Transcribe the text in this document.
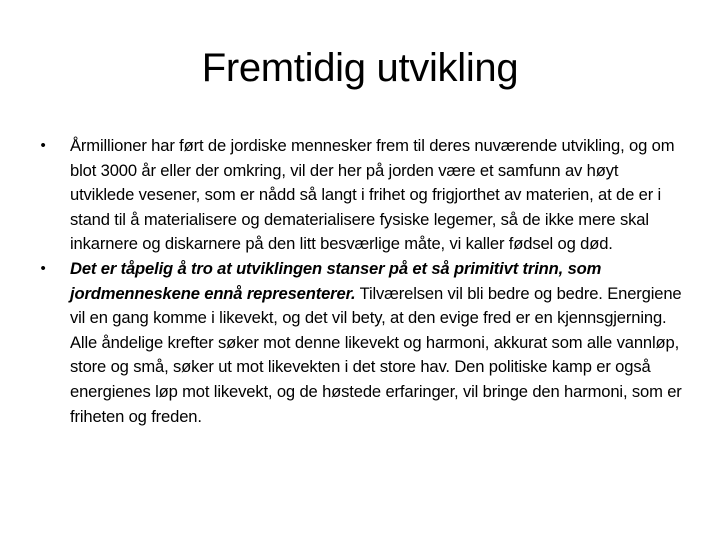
Fremtidig utvikling
• Årmillioner har ført de jordiske mennesker frem til deres nuværende utvikling, og om blot 3000 år eller der omkring, vil der her på jorden være et samfunn av høyt utviklede vesener, som er nådd så langt i frihet og frigjorthet av materien, at de er i stand til å materialisere og dematerialisere fysiske legemer, så de ikke mere skal inkarnere og diskarnere på den litt besværlige måte, vi kaller fødsel og død.
• Det er tåpelig å tro at utviklingen stanser på et så primitivt trinn, som jordmenneskene ennå representerer. Tilværelsen vil bli bedre og bedre. Energiene vil en gang komme i likevekt, og det vil bety, at den evige fred er en kjennsgjerning. Alle åndelige krefter søker mot denne likevekt og harmoni, akkurat som alle vannløp, store og små, søker ut mot likevekten i det store hav. Den politiske kamp er også energienes løp mot likevekt, og de høstede erfaringer, vil bringe den harmoni, som er friheten og freden.
